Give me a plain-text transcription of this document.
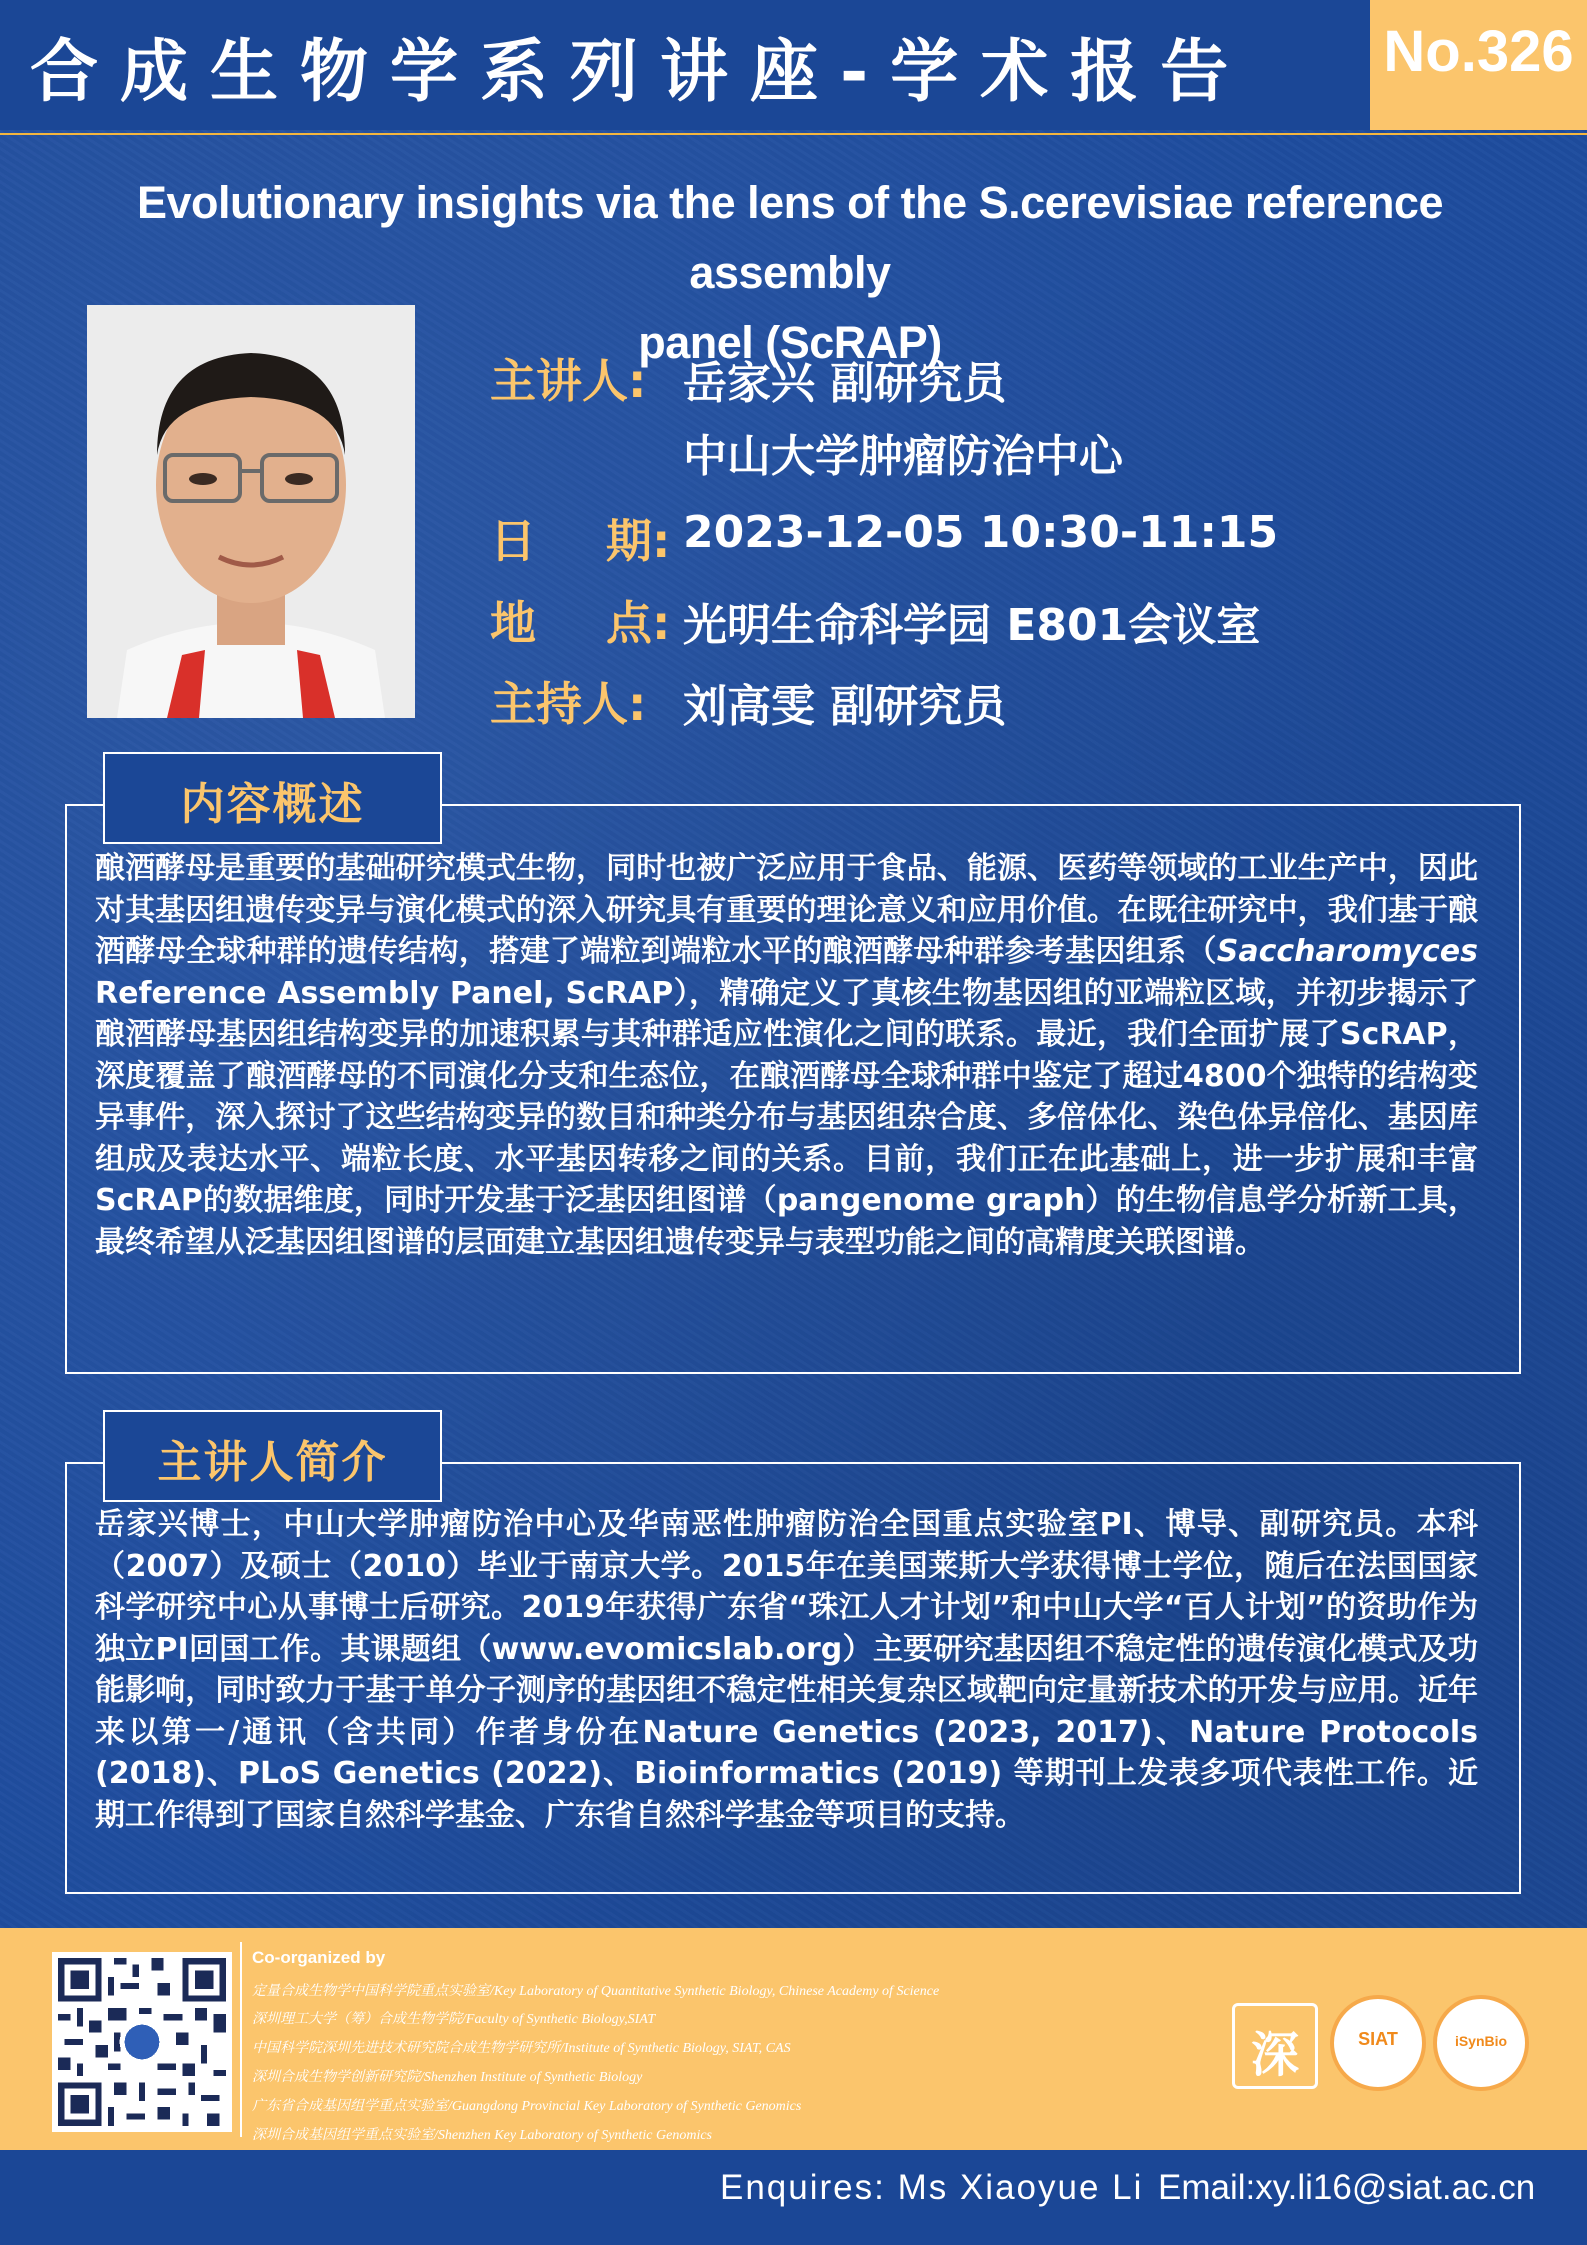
合成生物学系列讲座-学术报告 No.326
Evolutionary insights via the lens of the S.cerevisiae reference assembly
panel (ScRAP)
主讲人: 岳家兴 副研究员
中山大学肿瘤防治中心
日 期: 2023-12-05 10:30-11:15
地 点: 光明生命科学园 E801会议室
主持人: 刘高雯 副研究员
内容概述

酿酒酵母是重要的基础研究模式生物，同时也被广泛应用于食品、能源、医药等领域的工业生产中，因此对其基因组遗传变异与演化模式的深入研究具有重要的理论意义和应用价值。在既往研究中，我们基于酿酒酵母全球种群的遗传结构，搭建了端粒到端粒水平的酿酒酵母种群参考基因组系（Saccharomyces Reference Assembly Panel, ScRAP），精确定义了真核生物基因组的亚端粒区域，并初步揭示了酿酒酵母基因组结构变异的加速积累与其种群适应性演化之间的联系。最近，我们全面扩展了ScRAP，深度覆盖了酿酒酵母的不同演化分支和生态位，在酿酒酵母全球种群中鉴定了超过4800个独特的结构变异事件，深入探讨了这些结构变异的数目和种类分布与基因组杂合度、多倍体化、染色体异倍化、基因库组成及表达水平、端粒长度、水平基因转移之间的关系。目前，我们正在此基础上，进一步扩展和丰富ScRAP的数据维度，同时开发基于泛基因组图谱（pangenome graph）的生物信息学分析新工具，最终希望从泛基因组图谱的层面建立基因组遗传变异与表型功能之间的高精度关联图谱。

主讲人简介

岳家兴博士，中山大学肿瘤防治中心及华南恶性肿瘤防治全国重点实验室PI、博导、副研究员。本科（2007）及硕士（2010）毕业于南京大学。2015年在美国莱斯大学获得博士学位，随后在法国国家科学研究中心从事博士后研究。2019年获得广东省“珠江人才计划”和中山大学“百人计划”的资助作为独立PI回国工作。其课题组（www.evomicslab.org）主要研究基因组不稳定性的遗传演化模式及功能影响，同时致力于基于单分子测序的基因组不稳定性相关复杂区域靶向定量新技术的开发与应用。近年来以第一/通讯（含共同）作者身份在Nature Genetics (2023, 2017)、Nature Protocols (2018)、PLoS Genetics (2022)、Bioinformatics (2019) 等期刊上发表多项代表性工作。近期工作得到了国家自然科学基金、广东省自然科学基金等项目的支持。

Co-organized by
定量合成生物学中国科学院重点实验室/Key Laboratory of Quantitative Synthetic Biology, Chinese Academy of Science
深圳理工大学（筹）合成生物学院/Faculty of Synthetic Biology,SIAT
中国科学院深圳先进技术研究院合成生物学研究所/Institute of Synthetic Biology, SIAT, CAS
深圳合成生物学创新研究院/Shenzhen Institute of Synthetic Biology
广东省合成基因组学重点实验室/Guangdong Provincial Key Laboratory of Synthetic Genomics
深圳合成基因组学重点实验室/Shenzhen Key Laboratory of Synthetic Genomics
深	SIAT	iSynBio
Enquires: Ms Xiaoyue Li Email:xy.li16@siat.ac.cn
